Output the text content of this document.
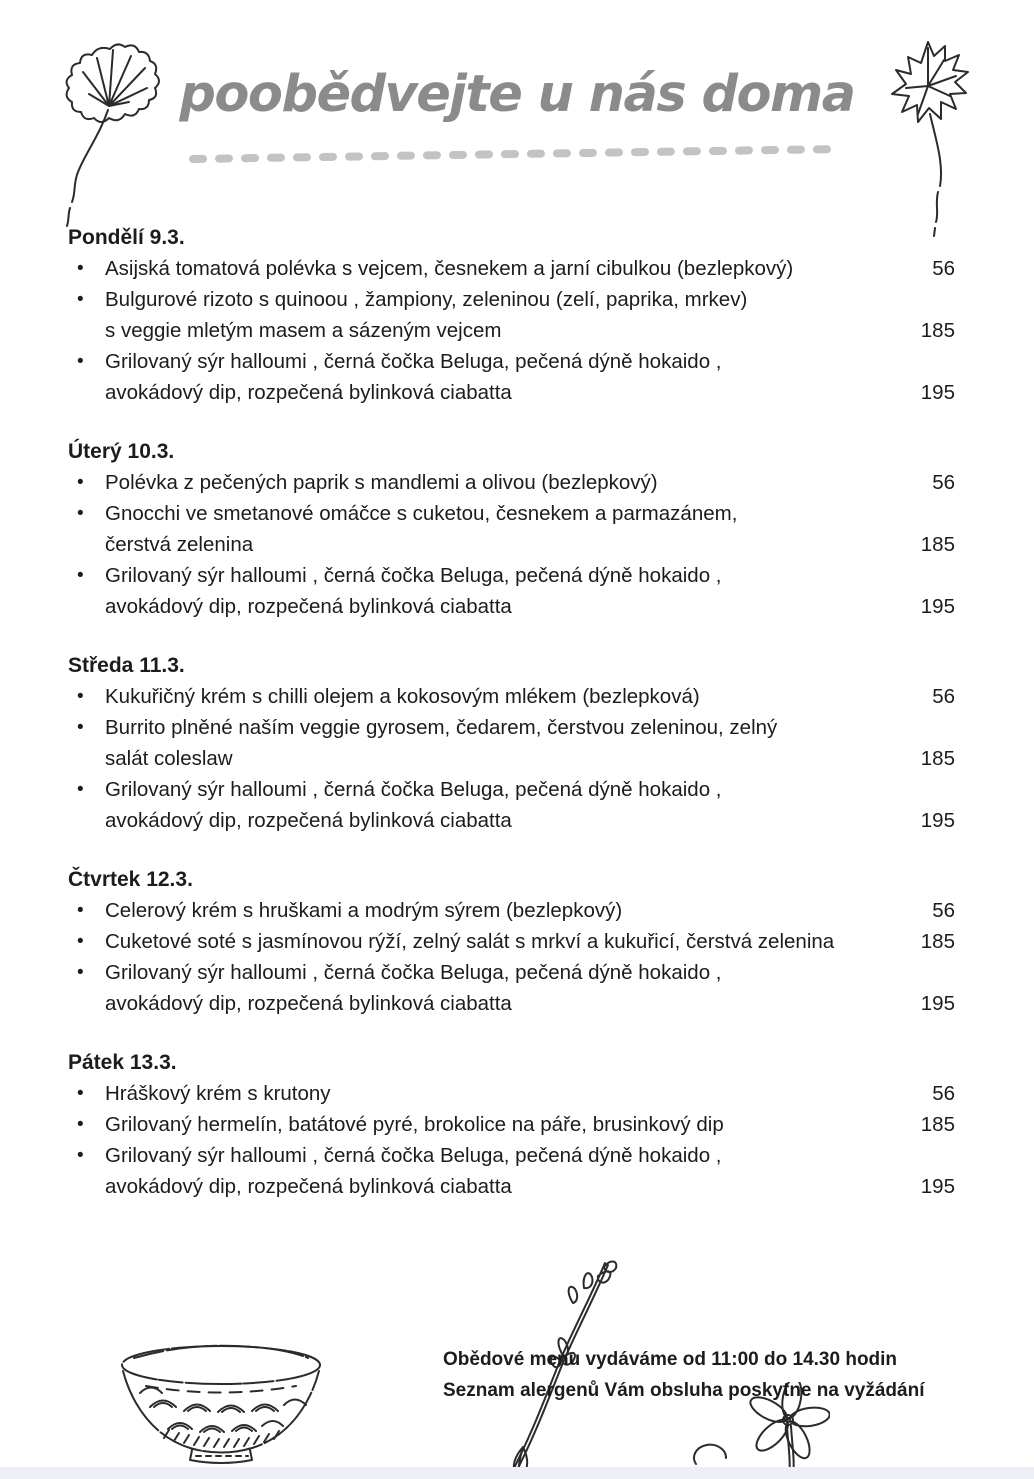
poobědvejte u nás doma
Pondělí 9.3.
•	Asijská tomatová polévka s vejcem, česnekem a jarní cibulkou (bezlepkový)	56
•	Bulgurové rizoto s quinoou , žampiony, zeleninou (zelí, paprika, mrkev)
s veggie mletým masem a sázeným vejcem	185
•	Grilovaný sýr halloumi , černá čočka Beluga, pečená dýně hokaido ,
avokádový dip, rozpečená bylinková ciabatta	195
Úterý 10.3.
•	Polévka z pečených paprik s mandlemi a olivou (bezlepkový)	56
•	Gnocchi ve smetanové omáčce s cuketou, česnekem a parmazánem,
čerstvá zelenina	185
•	Grilovaný sýr halloumi , černá čočka Beluga, pečená dýně hokaido ,
avokádový dip, rozpečená bylinková ciabatta	195
Středa 11.3.
•	Kukuřičný krém s chilli olejem a kokosovým mlékem (bezlepková)	56
•	Burrito plněné naším veggie gyrosem, čedarem, čerstvou zeleninou, zelný
salát coleslaw	185
•	Grilovaný sýr halloumi , černá čočka Beluga, pečená dýně hokaido ,
avokádový dip, rozpečená bylinková ciabatta	195
Čtvrtek 12.3.
•	Celerový krém s hruškami a modrým sýrem (bezlepkový)	56
•	Cuketové soté s jasmínovou rýží, zelný salát s mrkví a kukuřicí, čerstvá zelenina	185
•	Grilovaný sýr halloumi , černá čočka Beluga, pečená dýně hokaido ,
avokádový dip, rozpečená bylinková ciabatta	195
Pátek 13.3.
•	Hráškový krém s krutony	56
•	Grilovaný hermelín, batátové pyré, brokolice na páře, brusinkový dip	185
•	Grilovaný sýr halloumi , černá čočka Beluga, pečená dýně hokaido ,
avokádový dip, rozpečená bylinková ciabatta	195
Obědové menu vydáváme od 11:00 do 14.30 hodin
Seznam alergenů Vám obsluha poskytne na vyžádání
